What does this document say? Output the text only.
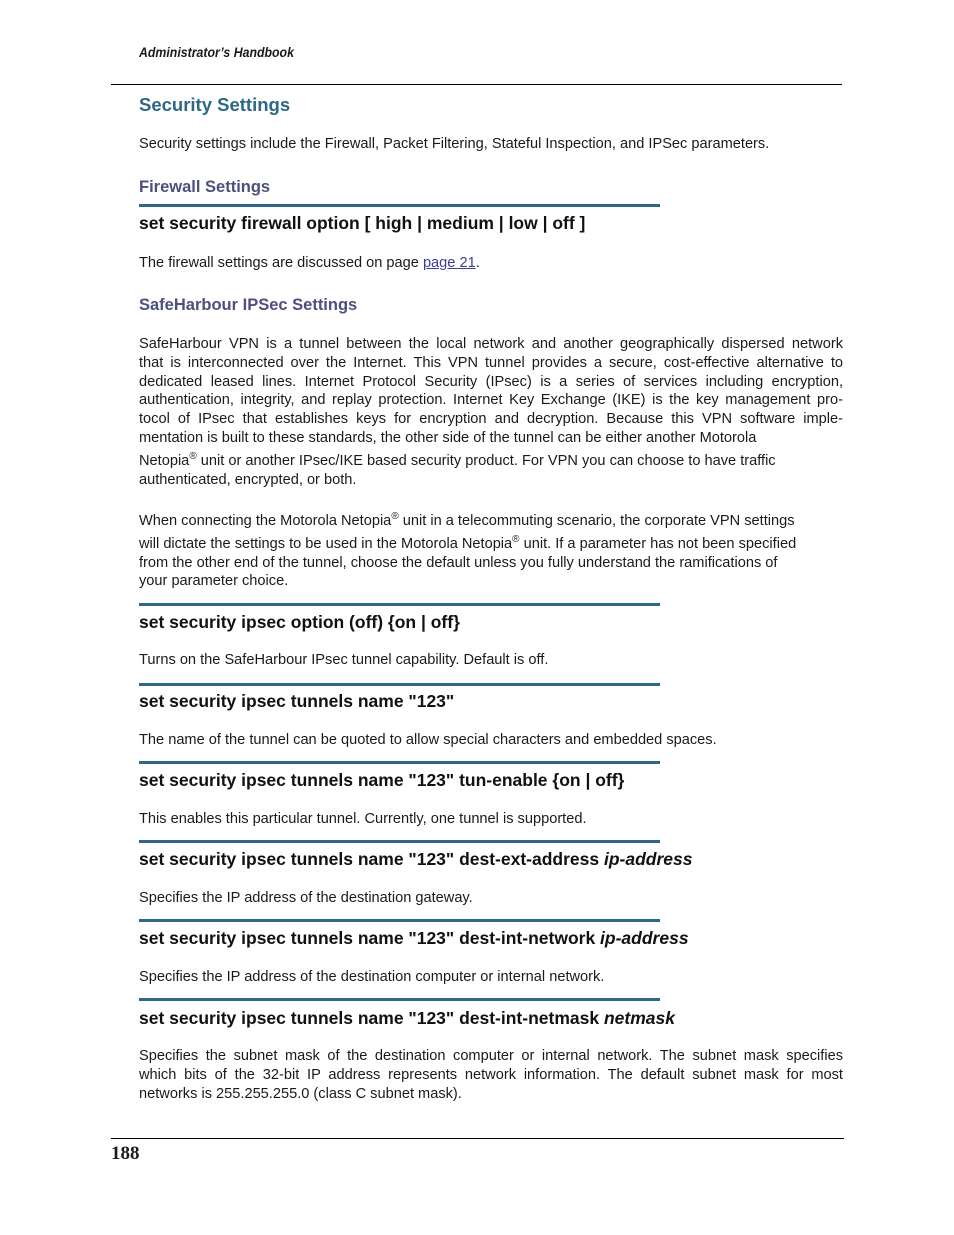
Administrator’s Handbook
Security Settings
Security settings include the Firewall, Packet Filtering, Stateful Inspection, and IPSec parameters.
Firewall Settings
set security firewall option [ high | medium | low | off ]
The firewall settings are discussed on page page 21.
SafeHarbour IPSec Settings

SafeHarbour VPN is a tunnel between the local network and another geographically dispersed network

that is interconnected over the Internet. This VPN tunnel provides a secure, cost-effective alternative to

dedicated leased lines. Internet Protocol Security (IPsec) is a series of services including encryption,

authentication, integrity, and replay protection. Internet Key Exchange (IKE) is the key management pro-

tocol of IPsec that establishes keys for encryption and decryption. Because this VPN software imple-

mentation is built to these standards, the other side of the tunnel can be either another Motorola

Netopia® unit or another IPsec/IKE based security product. For VPN you can choose to have traffic

authenticated, encrypted, or both.

When connecting the Motorola Netopia® unit in a telecommuting scenario, the corporate VPN settings

will dictate the settings to be used in the Motorola Netopia® unit. If a parameter has not been specified

from the other end of the tunnel, choose the default unless you fully understand the ramifications of

your parameter choice.

set security ipsec option (off) {on | off}
Turns on the SafeHarbour IPsec tunnel capability. Default is off.
set security ipsec tunnels name "123"
The name of the tunnel can be quoted to allow special characters and embedded spaces.
set security ipsec tunnels name "123" tun-enable {on | off}
This enables this particular tunnel. Currently, one tunnel is supported.
set security ipsec tunnels name "123" dest-ext-address ip-address
Specifies the IP address of the destination gateway.
set security ipsec tunnels name "123" dest-int-network ip-address
Specifies the IP address of the destination computer or internal network.
set security ipsec tunnels name "123" dest-int-netmask netmask

Specifies the subnet mask of the destination computer or internal network. The subnet mask specifies

which bits of the 32-bit IP address represents network information. The default subnet mask for most

networks is 255.255.255.0 (class C subnet mask).

188
